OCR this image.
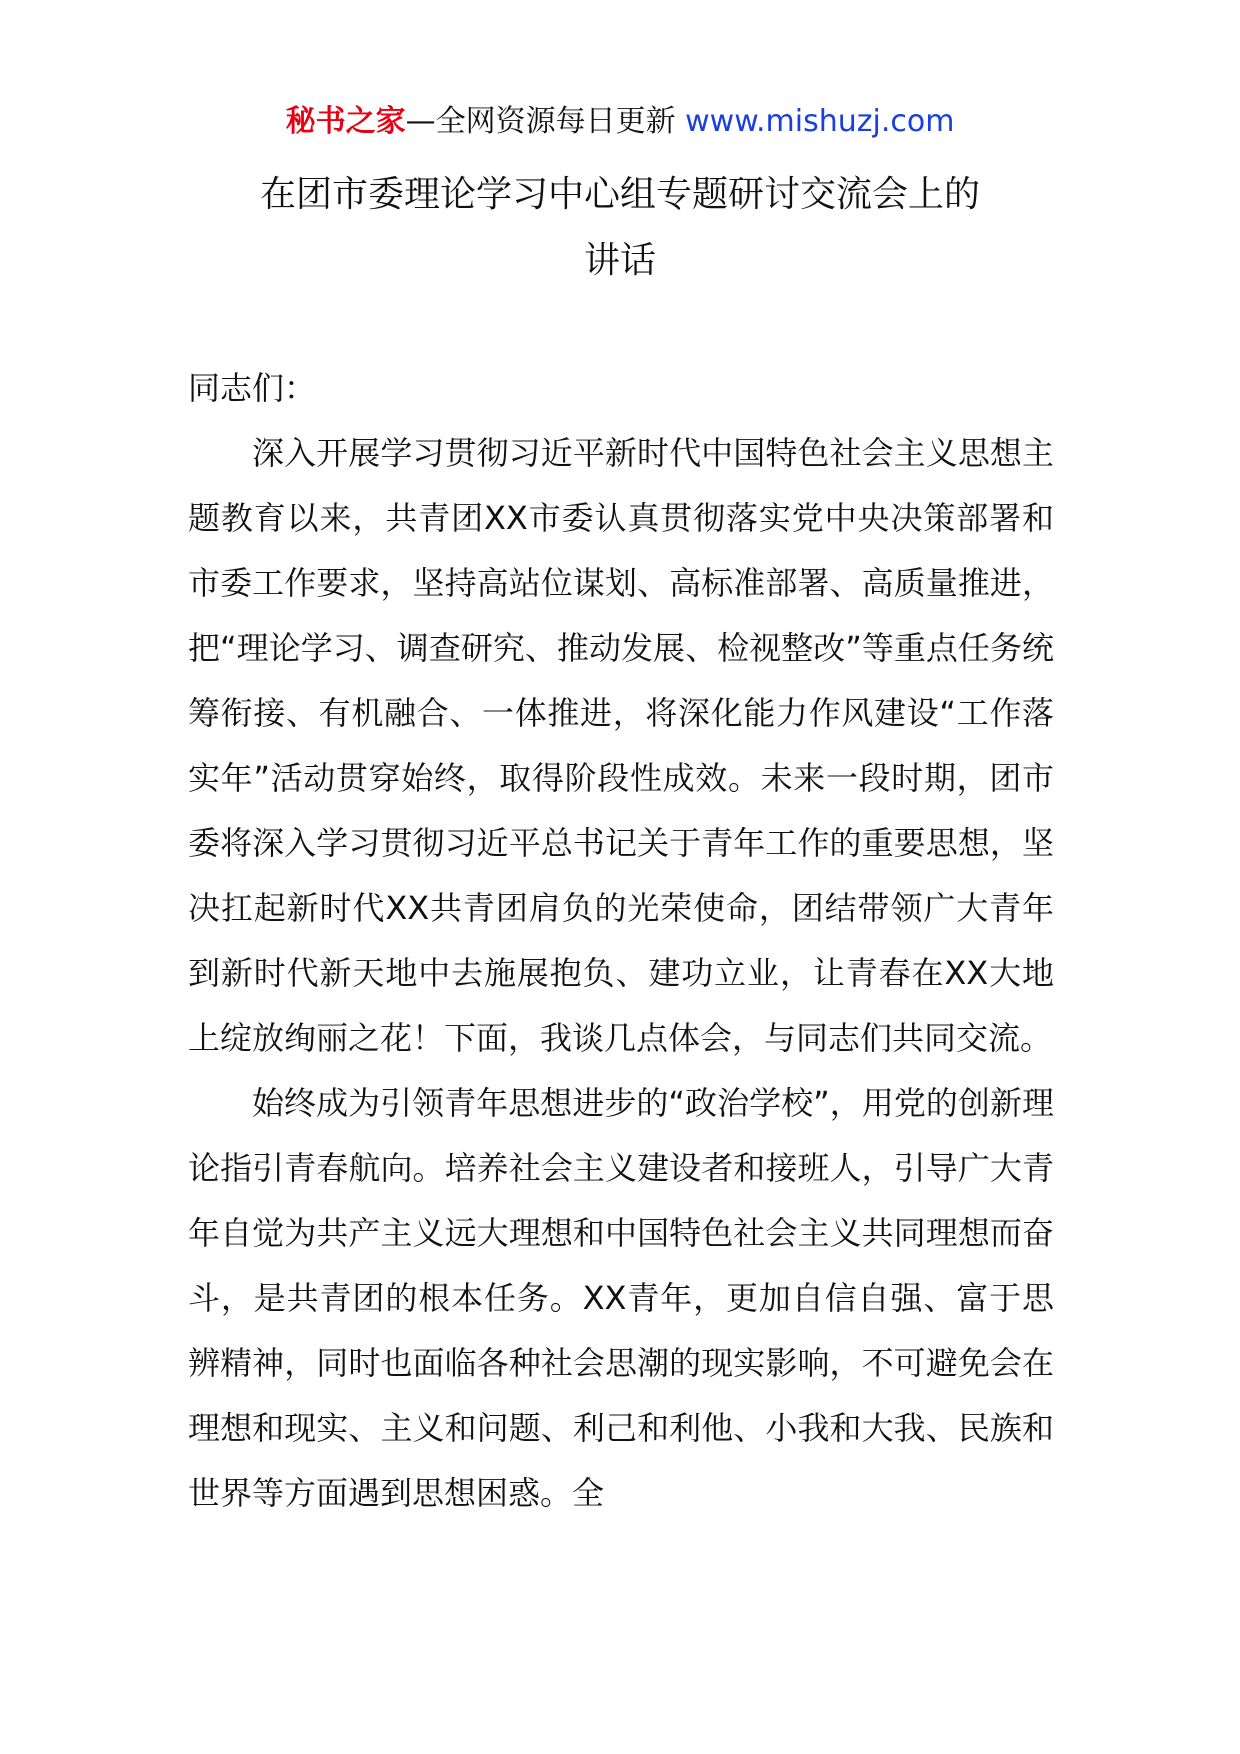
秘书之家—全网资源每日更新 www.mishuzj.com
在团市委理论学习中心组专题研讨交流会上的
讲话

同志们：

深入开展学习贯彻习近平新时代中国特色社会主义思想主题教育以来，共青团XX市委认真贯彻落实党中央决策部署和市委工作要求，坚持高站位谋划、高标准部署、高质量推进，把“理论学习、调查研究、推动发展、检视整改”等重点任务统筹衔接、有机融合、一体推进，将深化能力作风建设“工作落实年”活动贯穿始终，取得阶段性成效。未来一段时期，团市委将深入学习贯彻习近平总书记关于青年工作的重要思想，坚决扛起新时代XX共青团肩负的光荣使命，团结带领广大青年到新时代新天地中去施展抱负、建功立业，让青春在XX大地上绽放绚丽之花！下面，我谈几点体会，与同志们共同交流。

始终成为引领青年思想进步的“政治学校”，用党的创新理论指引青春航向。培养社会主义建设者和接班人，引导广大青年自觉为共产主义远大理想和中国特色社会主义共同理想而奋斗，是共青团的根本任务。XX青年，更加自信自强、富于思辨精神，同时也面临各种社会思潮的现实影响，不可避免会在理想和现实、主义和问题、利己和利他、小我和大我、民族和世界等方面遇到思想困惑。全
